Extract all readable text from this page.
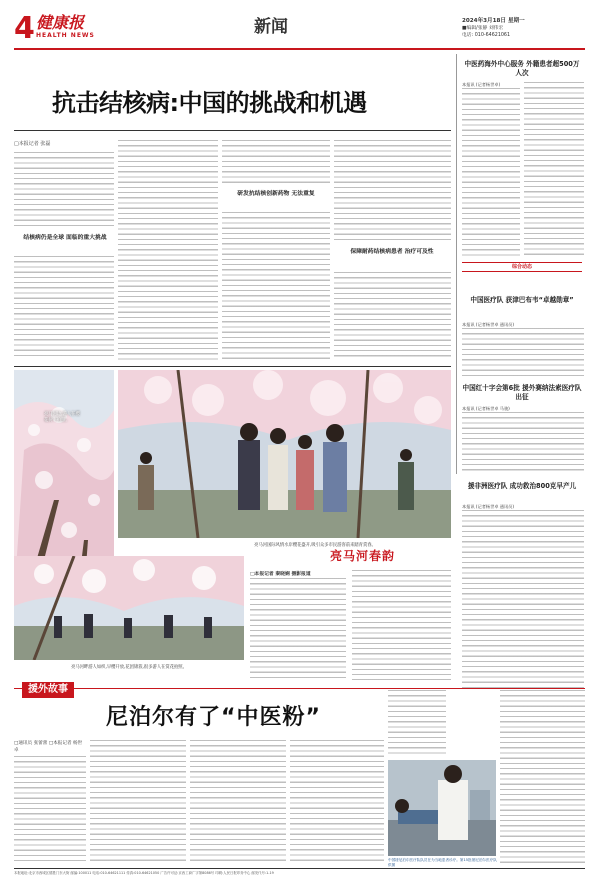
4 健康报
HEALTH NEWS	新闻	2024年3月18日 星期一
■编辑/张静 刘伟宏
电话: 010-64621061
抗击结核病:中国的挑战和机遇
□本报记者 张磊
结核病仍是全球 面临的重大挑战
研发抗结核创新药物 无法重复
保障耐药结核病患者 治疗可及性
中医药海外中心服务 外籍患者超500万人次
本报讯 (记者杨世卓)
综合动态
中国医疗队 获津巴布韦“卓越勋章”
本报讯 (记者杨世卓 通讯员)
中国红十字会第6批 援外赛纳法索医疗队出征
本报讯 (记者杨世卓 马骏)
援非洲医疗队 成功救治800克早产儿
本报讯 (记者杨世卓 通讯员)
亮马河边,游人在樱花树下拍照。
亮马河国际风情水岸樱花盛开,吸引众多市民游客前来踏青赏春。
亮马河春韵
□本报记者 秦晓娴 摄影报道
亮马河畔游人如织,早樱开放,花团锦簇,很多游人在赏花拍照。
援外故事
尼泊尔有了“中医粉”
□通讯员 张蕾蕾 □本报记者 杨世卓
中国援尼泊尔医疗队队员在为当地患者诊疗。第15批援尼泊尔医疗队供图
本报地址:北京市西城区德胜门东大街 邮编:100011 电话:010-64621111 传真:010-64621050 广告许可证:京西工商广字第8086号 印刷:人民日报印务中心 邮发代号:1-19
